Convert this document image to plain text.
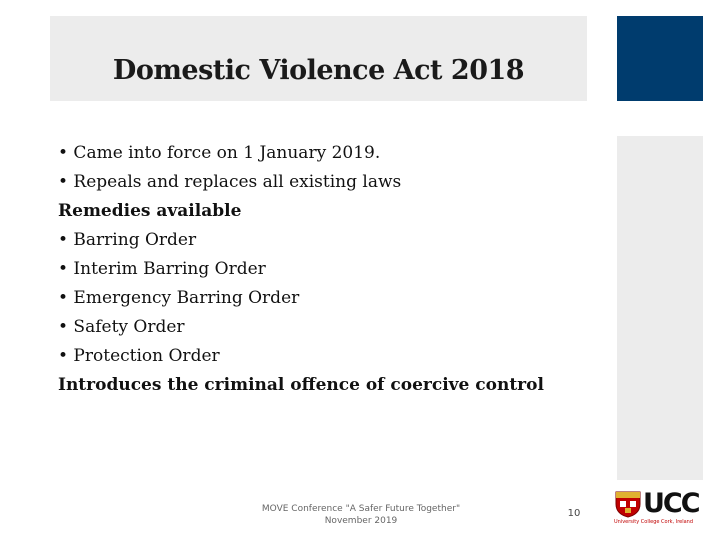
Domestic Violence Act 2018
• Came into force on 1 January 2019.
• Repeals and replaces all existing laws
Remedies available
• Barring Order
• Interim Barring Order
• Emergency Barring Order
• Safety Order
• Protection Order
Introduces the criminal offence of coercive control
MOVE Conference "A Safer Future Together"
November 2019
10 UCC
University College Cork, Ireland
